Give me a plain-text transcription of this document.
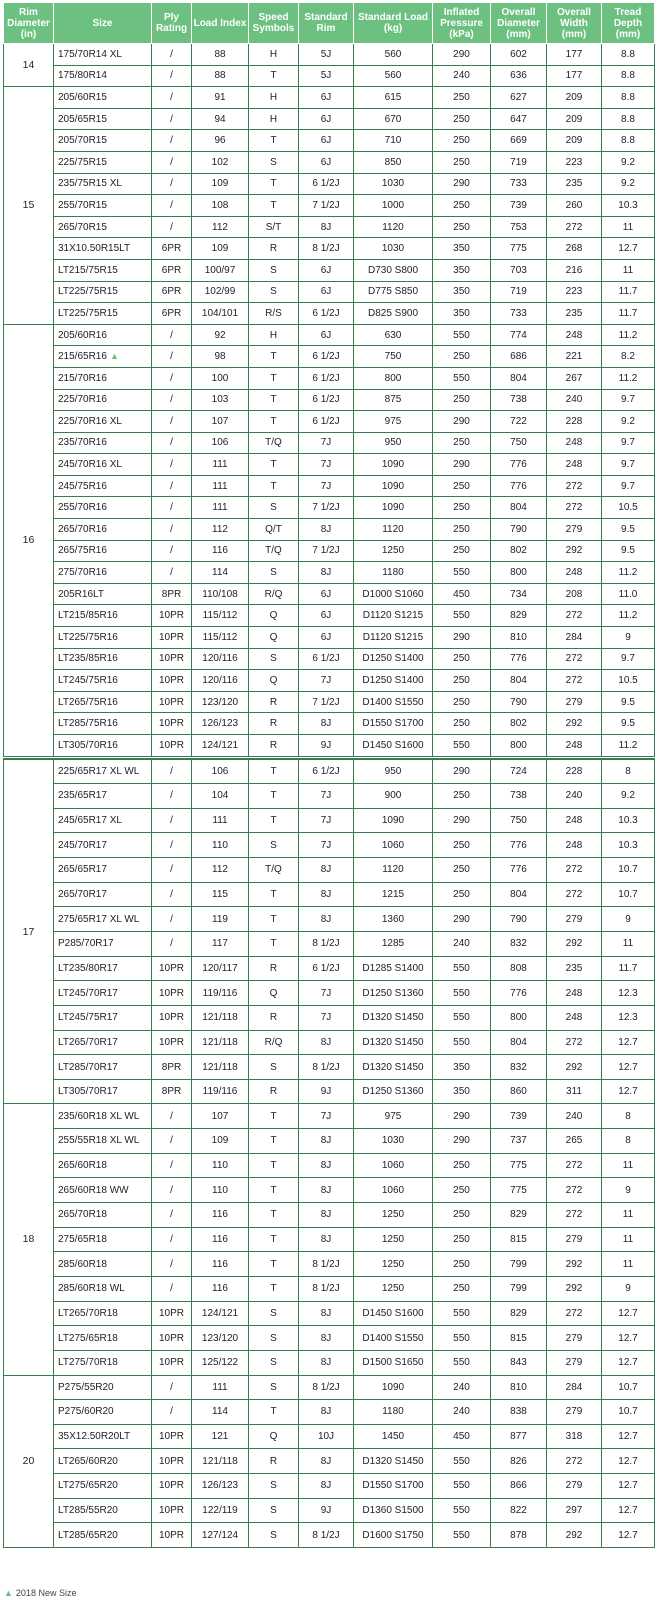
Rim Diameter (in)	Size	Ply Rating	Load Index	Speed Symbols	Standard Rim	Standard Load (kg)	Inflated Pressure (kPa)	Overall Diameter (mm)	Overall Width (mm)	Tread Depth (mm)
14	175/70R14 XL	/	88	H	5J	560	290	602	177	8.8
	175/80R14	/	88	T	5J	560	240	636	177	8.8
15	205/60R15	/	91	H	6J	615	250	627	209	8.8
	205/65R15	/	94	H	6J	670	250	647	209	8.8
	205/70R15	/	96	T	6J	710	250	669	209	8.8
	225/75R15	/	102	S	6J	850	250	719	223	9.2
	235/75R15 XL	/	109	T	6 1/2J	1030	290	733	235	9.2
	255/70R15	/	108	T	7 1/2J	1000	250	739	260	10.3
	265/70R15	/	112	S/T	8J	1120	250	753	272	11
	31X10.50R15LT	6PR	109	R	8 1/2J	1030	350	775	268	12.7
	LT215/75R15	6PR	100/97	S	6J	D730 S800	350	703	216	11
	LT225/75R15	6PR	102/99	S	6J	D775 S850	350	719	223	11.7
	LT225/75R15	6PR	104/101	R/S	6 1/2J	D825 S900	350	733	235	11.7
16	205/60R16	/	92	H	6J	630	550	774	248	11.2
	215/65R16 ▲	/	98	T	6 1/2J	750	250	686	221	8.2
	215/70R16	/	100	T	6 1/2J	800	550	804	267	11.2
	225/70R16	/	103	T	6 1/2J	875	250	738	240	9.7
	225/70R16 XL	/	107	T	6 1/2J	975	290	722	228	9.2
	235/70R16	/	106	T/Q	7J	950	250	750	248	9.7
	245/70R16 XL	/	111	T	7J	1090	290	776	248	9.7
	245/75R16	/	111	T	7J	1090	250	776	272	9.7
	255/70R16	/	111	S	7 1/2J	1090	250	804	272	10.5
	265/70R16	/	112	Q/T	8J	1120	250	790	279	9.5
	265/75R16	/	116	T/Q	7 1/2J	1250	250	802	292	9.5
	275/70R16	/	114	S	8J	1180	550	800	248	11.2
	205R16LT	8PR	110/108	R/Q	6J	D1000 S1060	450	734	208	11.0
	LT215/85R16	10PR	115/112	Q	6J	D1120 S1215	550	829	272	11.2
	LT225/75R16	10PR	115/112	Q	6J	D1120 S1215	290	810	284	9
	LT235/85R16	10PR	120/116	S	6 1/2J	D1250 S1400	250	776	272	9.7
	LT245/75R16	10PR	120/116	Q	7J	D1250 S1400	250	804	272	10.5
	LT265/75R16	10PR	123/120	R	7 1/2J	D1400 S1550	250	790	279	9.5
	LT285/75R16	10PR	126/123	R	8J	D1550 S1700	250	802	292	9.5
	LT305/70R16	10PR	124/121	R	9J	D1450 S1600	550	800	248	11.2
17	225/65R17 XL WL	/	106	T	6 1/2J	950	290	724	228	8
	235/65R17	/	104	T	7J	900	250	738	240	9.2
	245/65R17 XL	/	111	T	7J	1090	290	750	248	10.3
	245/70R17	/	110	S	7J	1060	250	776	248	10.3
	265/65R17	/	112	T/Q	8J	1120	250	776	272	10.7
	265/70R17	/	115	T	8J	1215	250	804	272	10.7
	275/65R17 XL WL	/	119	T	8J	1360	290	790	279	9
	P285/70R17	/	117	T	8 1/2J	1285	240	832	292	11
	LT235/80R17	10PR	120/117	R	6 1/2J	D1285 S1400	550	808	235	11.7
	LT245/70R17	10PR	119/116	Q	7J	D1250 S1360	550	776	248	12.3
	LT245/75R17	10PR	121/118	R	7J	D1320 S1450	550	800	248	12.3
	LT265/70R17	10PR	121/118	R/Q	8J	D1320 S1450	550	804	272	12.7
	LT285/70R17	8PR	121/118	S	8 1/2J	D1320 S1450	350	832	292	12.7
	LT305/70R17	8PR	119/116	R	9J	D1250 S1360	350	860	311	12.7
18	235/60R18 XL WL	/	107	T	7J	975	290	739	240	8
	255/55R18 XL WL	/	109	T	8J	1030	290	737	265	8
	265/60R18	/	110	T	8J	1060	250	775	272	11
	265/60R18 WW	/	110	T	8J	1060	250	775	272	9
	265/70R18	/	116	T	8J	1250	250	829	272	11
	275/65R18	/	116	T	8J	1250	250	815	279	11
	285/60R18	/	116	T	8 1/2J	1250	250	799	292	11
	285/60R18 WL	/	116	T	8 1/2J	1250	250	799	292	9
	LT265/70R18	10PR	124/121	S	8J	D1450 S1600	550	829	272	12.7
	LT275/65R18	10PR	123/120	S	8J	D1400 S1550	550	815	279	12.7
	LT275/70R18	10PR	125/122	S	8J	D1500 S1650	550	843	279	12.7
20	P275/55R20	/	111	S	8 1/2J	1090	240	810	284	10.7
	P275/60R20	/	114	T	8J	1180	240	838	279	10.7
	35X12.50R20LT	10PR	121	Q	10J	1450	450	877	318	12.7
	LT265/60R20	10PR	121/118	R	8J	D1320 S1450	550	826	272	12.7
	LT275/65R20	10PR	126/123	S	8J	D1550 S1700	550	866	279	12.7
	LT285/55R20	10PR	122/119	S	9J	D1360 S1500	550	822	297	12.7
	LT285/65R20	10PR	127/124	S	8 1/2J	D1600 S1750	550	878	292	12.7
▲ 2018 New Size
